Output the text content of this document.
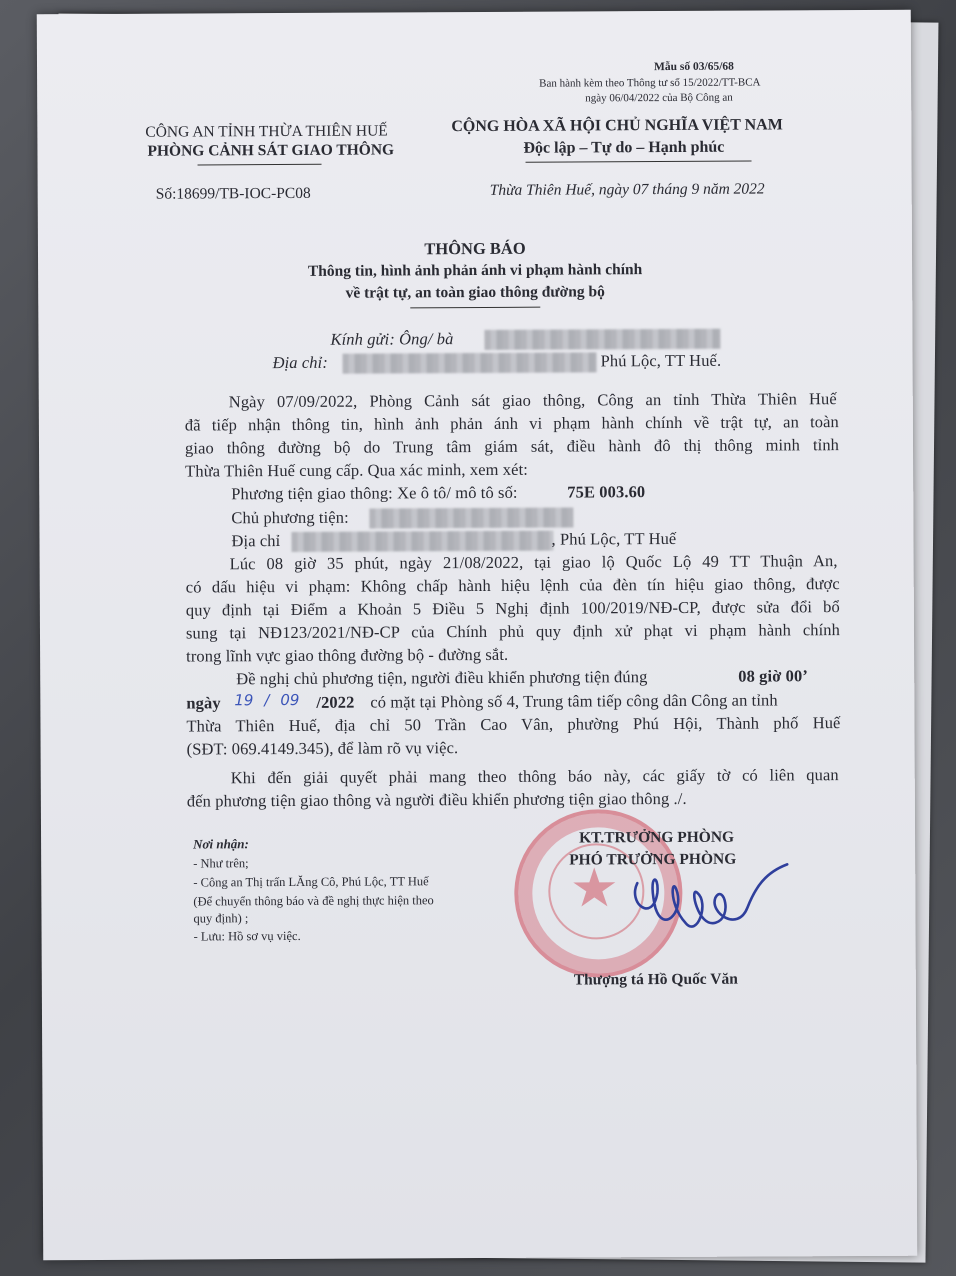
Mẫu số 03/65/68
Ban hành kèm theo Thông tư số 15/2022/TT-BCA
ngày 06/04/2022 của Bộ Công an
CÔNG AN TỈNH THỪA THIÊN HUẾ
PHÒNG CẢNH SÁT GIAO THÔNG
Số:18699/TB-IOC-PC08
CỘNG HÒA XÃ HỘI CHỦ NGHĨA VIỆT NAM
Độc lập – Tự do – Hạnh phúc
Thừa Thiên Huế, ngày 07 tháng 9 năm 2022
THÔNG BÁO
Thông tin, hình ảnh phản ánh vi phạm hành chính
về trật tự, an toàn giao thông đường bộ
Kính gửi: Ông/ bà
Địa chỉ:	Phú Lộc, TT Huế.
Ngày 07/09/2022, Phòng Cảnh sát giao thông, Công an tỉnh Thừa Thiên Huế
đã tiếp nhận thông tin, hình ảnh phản ánh vi phạm hành chính về trật tự, an toàn
giao thông đường bộ do Trung tâm giám sát, điều hành đô thị thông minh tỉnh
Thừa Thiên Huế cung cấp. Qua xác minh, xem xét:
Phương tiện giao thông: Xe ô tô/ mô tô số:	75E 003.60
Chủ phương tiện:
Địa chỉ	, Phú Lộc, TT Huế
Lúc 08 giờ 35 phút, ngày 21/08/2022, tại giao lộ Quốc Lộ 49 TT Thuận An,
có dấu hiệu vi phạm: Không chấp hành hiệu lệnh của đèn tín hiệu giao thông, được
quy định tại Điểm a Khoản 5 Điều 5 Nghị định 100/2019/NĐ-CP, được sửa đổi bổ
sung tại NĐ123/2021/NĐ-CP của Chính phủ quy định xử phạt vi phạm hành chính
trong lĩnh vực giao thông đường bộ - đường sắt.
Đề nghị chủ phương tiện, người điều khiển phương tiện đúng	08 giờ 00’
ngày 19 / 09 /2022 có mặt tại Phòng số 4, Trung tâm tiếp công dân Công an tỉnh
Thừa Thiên Huế, địa chỉ 50 Trần Cao Vân, phường Phú Hội, Thành phố Huế
(SĐT: 069.4149.345), để làm rõ vụ việc.
Khi đến giải quyết phải mang theo thông báo này, các giấy tờ có liên quan
đến phương tiện giao thông và người điều khiển phương tiện giao thông ./.
Nơi nhận:
- Như trên;
- Công an Thị trấn LĂng Cô, Phú Lộc, TT Huế
(Để chuyển thông báo và đề nghị thực hiện theo
quy định) ;
- Lưu: Hồ sơ vụ việc.
KT.TRƯỞNG PHÒNG
PHÓ TRƯỞNG PHÒNG
Thượng tá Hồ Quốc Văn
